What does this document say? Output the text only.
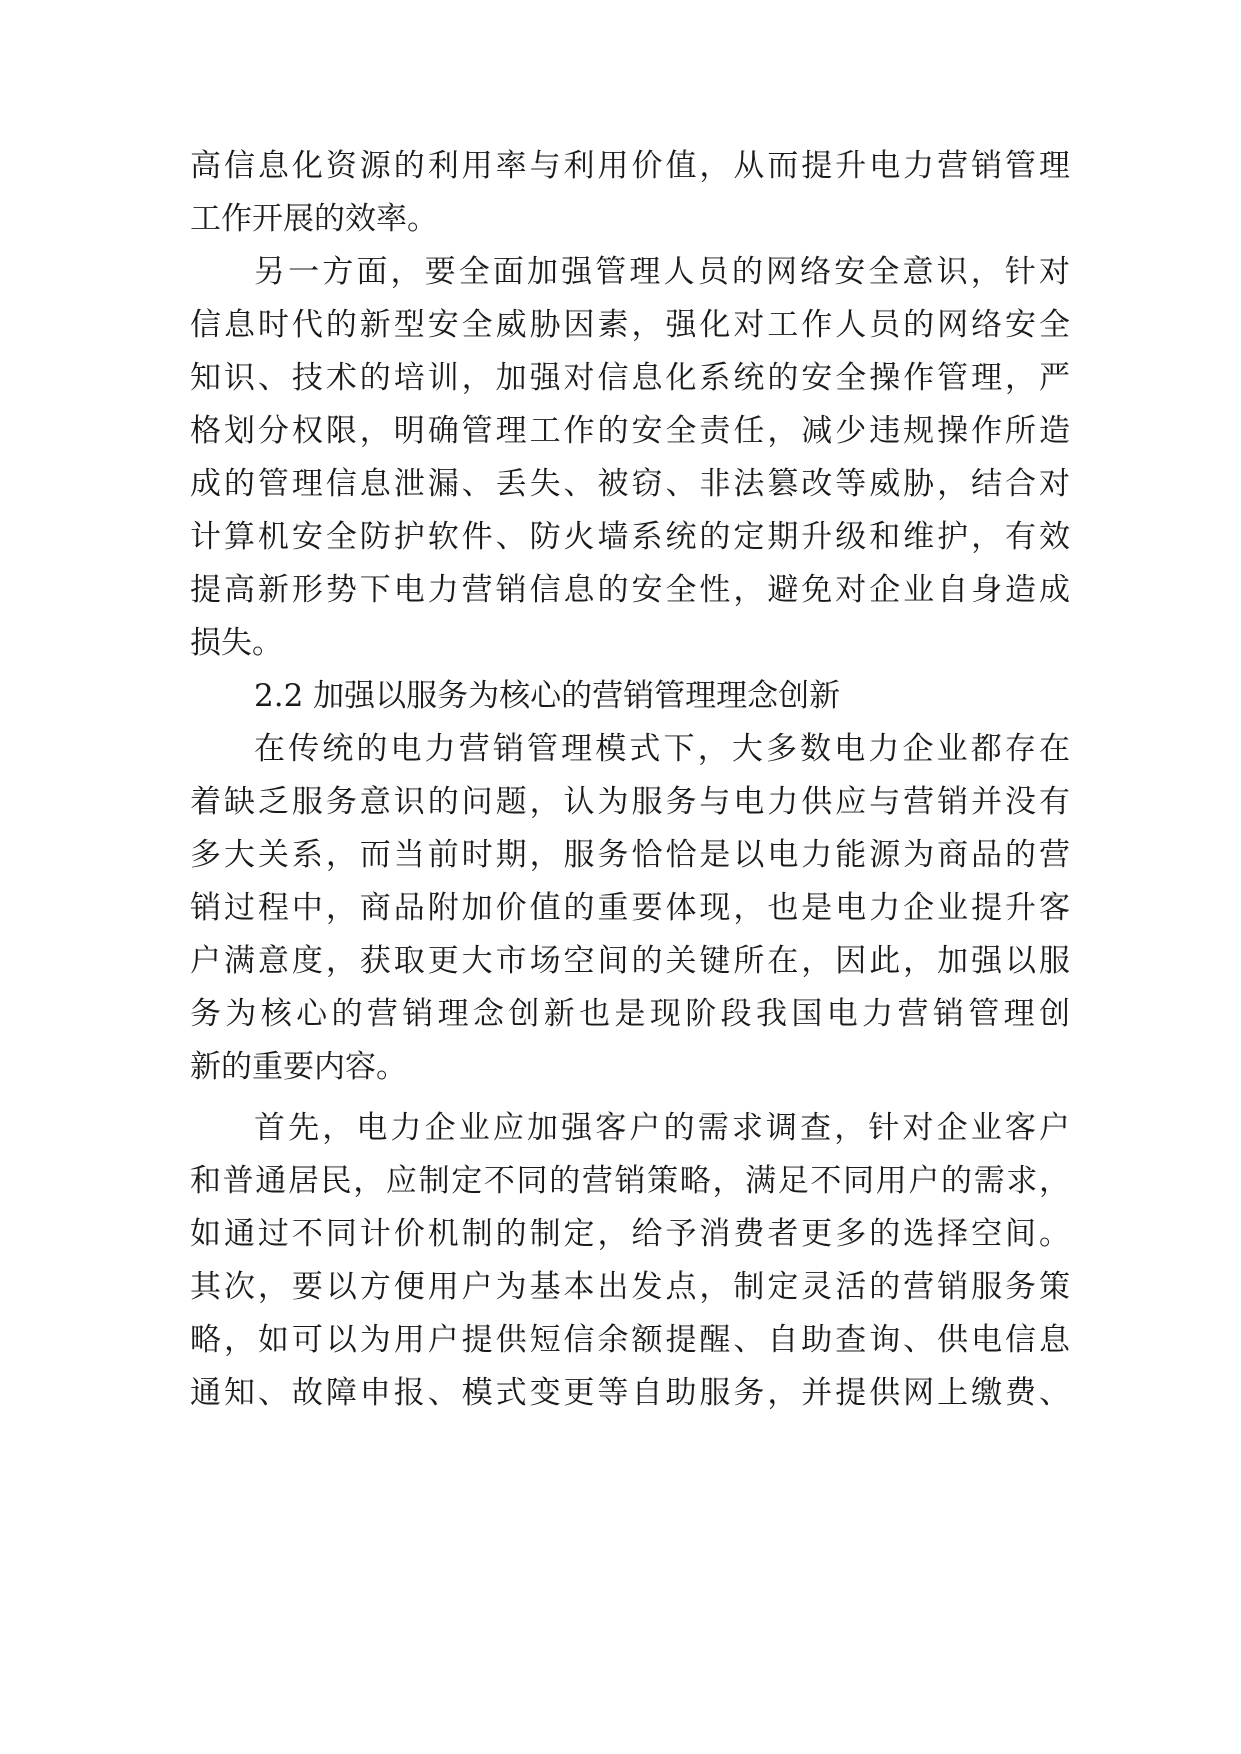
高信息化资源的利用率与利用价值，从而提升电力营销管理
工作开展的效率。
另一方面，要全面加强管理人员的网络安全意识，针对
信息时代的新型安全威胁因素，强化对工作人员的网络安全
知识、技术的培训，加强对信息化系统的安全操作管理，严
格划分权限，明确管理工作的安全责任，减少违规操作所造
成的管理信息泄漏、丢失、被窃、非法篡改等威胁，结合对
计算机安全防护软件、防火墙系统的定期升级和维护，有效
提高新形势下电力营销信息的安全性，避免对企业自身造成
损失。
2.2 加强以服务为核心的营销管理理念创新
在传统的电力营销管理模式下，大多数电力企业都存在
着缺乏服务意识的问题，认为服务与电力供应与营销并没有
多大关系，而当前时期，服务恰恰是以电力能源为商品的营
销过程中，商品附加价值的重要体现，也是电力企业提升客
户满意度，获取更大市场空间的关键所在，因此，加强以服
务为核心的营销理念创新也是现阶段我国电力营销管理创
新的重要内容。
首先，电力企业应加强客户的需求调查，针对企业客户
和普通居民，应制定不同的营销策略，满足不同用户的需求，
如通过不同计价机制的制定，给予消费者更多的选择空间。
其次，要以方便用户为基本出发点，制定灵活的营销服务策
略，如可以为用户提供短信余额提醒、自助查询、供电信息
通知、故障申报、模式变更等自助服务，并提供网上缴费、
